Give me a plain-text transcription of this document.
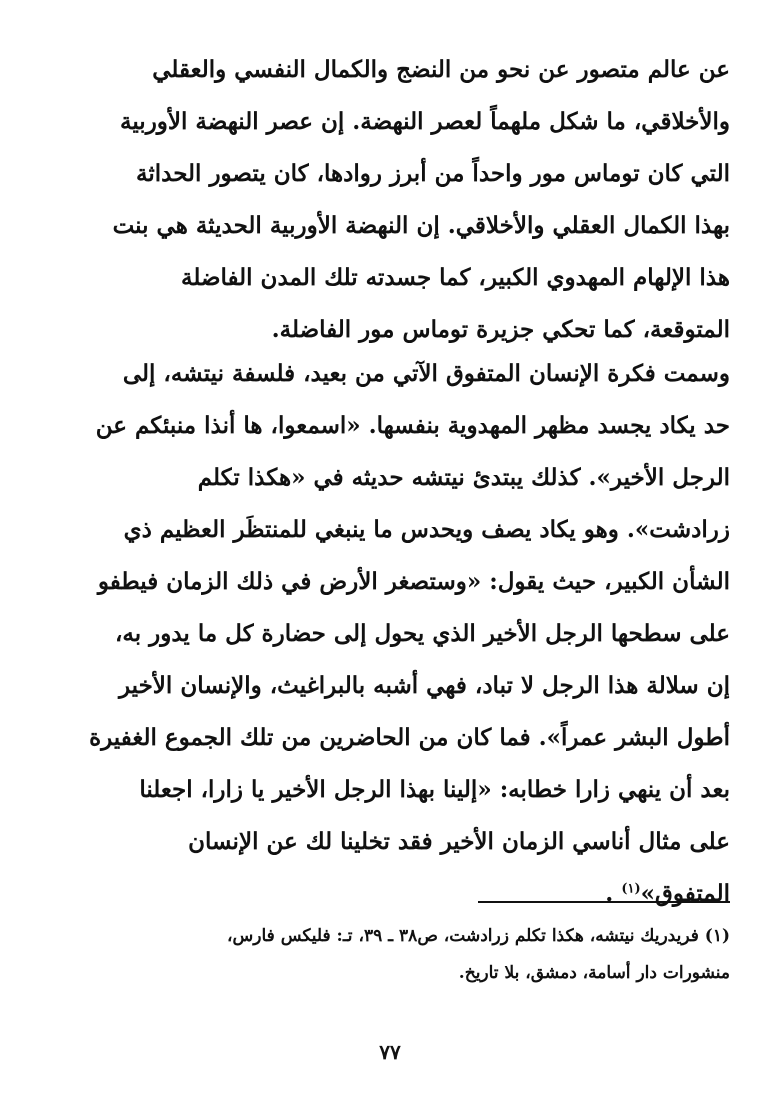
عن عالم متصور عن نحو من النضج والكمال النفسي والعقلي
والأخلاقي، ما شكل ملهماً لعصر النهضة. إن عصر النهضة الأوربية
التي كان توماس مور واحداً من أبرز روادها، كان يتصور الحداثة
بهذا الكمال العقلي والأخلاقي. إن النهضة الأوربية الحديثة هي بنت
هذا الإلهام المهدوي الكبير، كما جسدته تلك المدن الفاضلة
المتوقعة، كما تحكي جزيرة توماس مور الفاضلة.
وسمت فكرة الإنسان المتفوق الآتي من بعيد، فلسفة نيتشه، إلى
حد يكاد يجسد مظهر المهدوية بنفسها. «اسمعوا، ها أنذا منبئكم عن
الرجل الأخير». كذلك يبتدئ نيتشه حديثه في «هكذا تكلم
زرادشت». وهو يكاد يصف ويحدس ما ينبغي للمنتظَر العظيم ذي
الشأن الكبير، حيث يقول: «وستصغر الأرض في ذلك الزمان فيطفو
على سطحها الرجل الأخير الذي يحول إلى حضارة كل ما يدور به،
إن سلالة هذا الرجل لا تباد، فهي أشبه بالبراغيث، والإنسان الأخير
أطول البشر عمراً». فما كان من الحاضرين من تلك الجموع الغفيرة
بعد أن ينهي زارا خطابه: «إلينا بهذا الرجل الأخير يا زارا، اجعلنا
على مثال أناسي الزمان الأخير فقد تخلينا لك عن الإنسان
المتفوق»$^{(١)}$ .
(١) فريدريك نيتشه، هكذا تكلم زرادشت، ص٣٨ ـ ٣٩، تـ: فليكس فارس،
منشورات دار أسامة، دمشق، بلا تاريخ.
٧٧
